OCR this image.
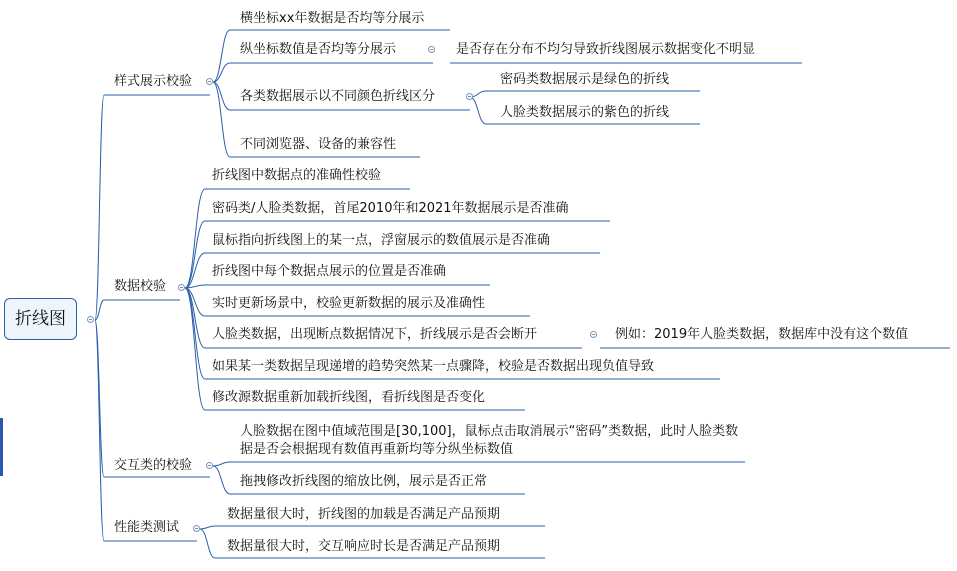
折线图
样式展示校验
数据校验
交互类的校验
性能类测试
横坐标xx年数据是否均等分展示
纵坐标数值是否均等分展示	是否存在分布不均匀导致折线图展示数据变化不明显
各类数据展示以不同颜色折线区分
密码类数据展示是绿色的折线
人脸类数据展示的紫色的折线
不同浏览器、设备的兼容性
折线图中数据点的准确性校验
密码类/人脸类数据，首尾2010年和2021年数据展示是否准确
鼠标指向折线图上的某一点，浮窗展示的数值展示是否准确
折线图中每个数据点展示的位置是否准确
实时更新场景中，校验更新数据的展示及准确性
人脸类数据，出现断点数据情况下，折线展示是否会断开	例如：2019年人脸类数据，数据库中没有这个数值
如果某一类数据呈现递增的趋势突然某一点骤降，校验是否数据出现负值导致
修改源数据重新加载折线图，看折线图是否变化
人脸数据在图中值域范围是[30,100]，鼠标点击取消展示“密码”类数据，此时人脸类数据是否会根据现有数值再重新均等分纵坐标数值
拖拽修改折线图的缩放比例，展示是否正常
数据量很大时，折线图的加载是否满足产品预期
数据量很大时，交互响应时长是否满足产品预期
